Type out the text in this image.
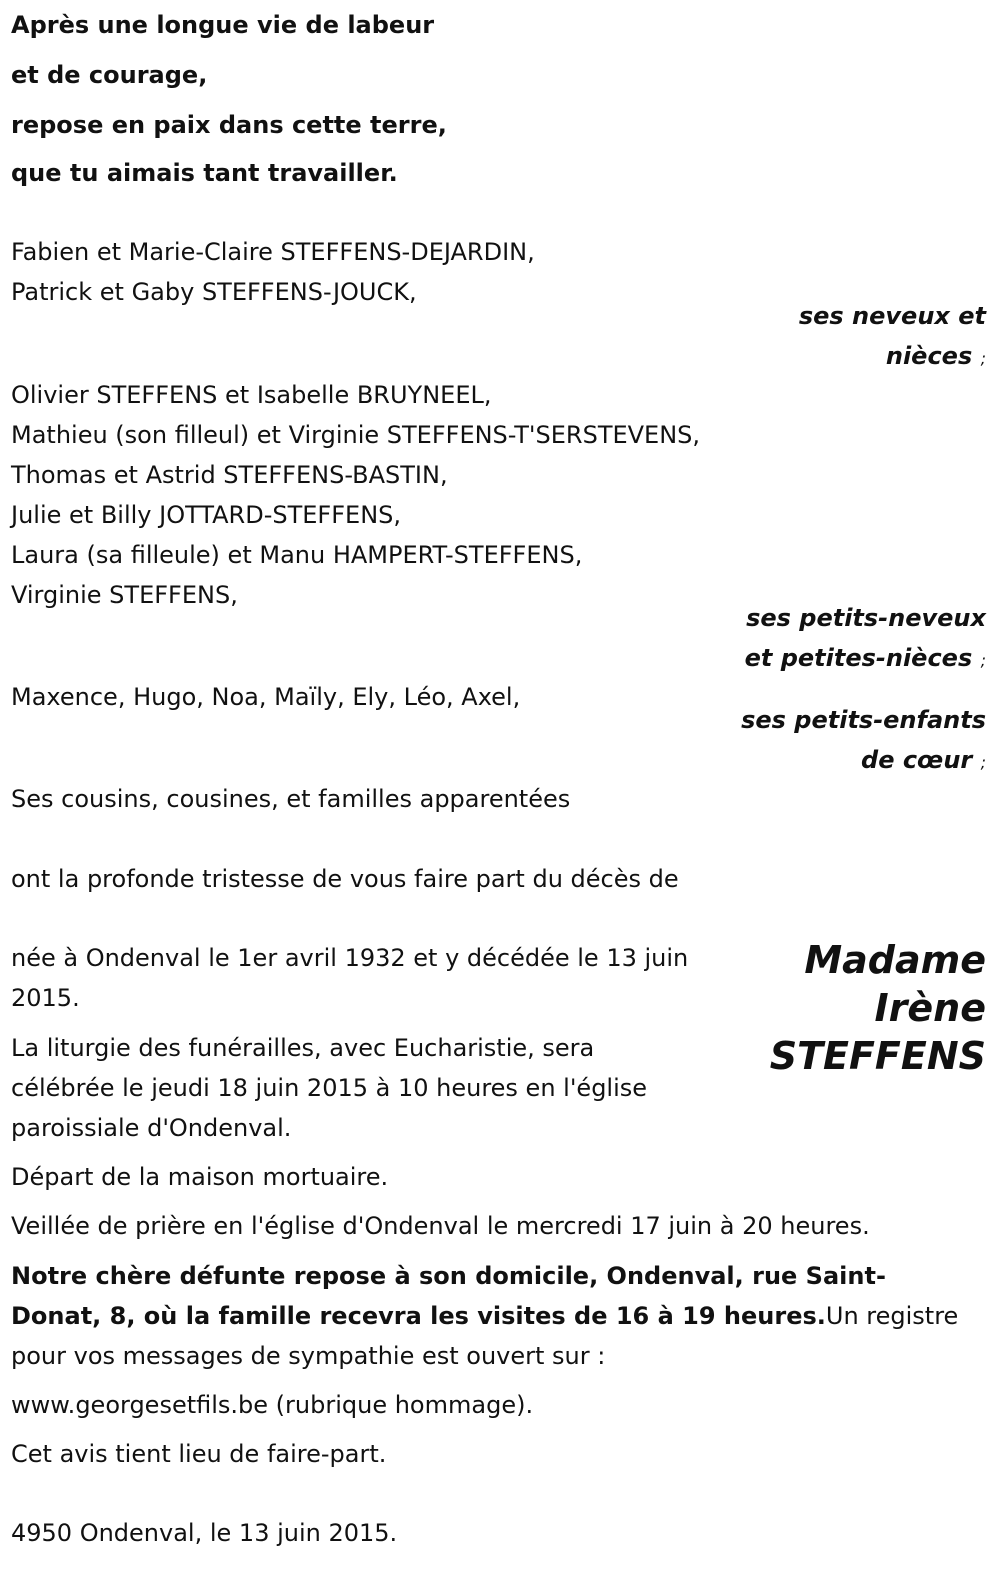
Après une longue vie de labeur

et de courage,

repose en paix dans cette terre,

que tu aimais tant travailler.

Fabien et Marie-Claire STEFFENS-DEJARDIN,

Patrick et Gaby STEFFENS-JOUCK,

ses neveux et

nièces ;

Olivier STEFFENS et Isabelle BRUYNEEL,

Mathieu (son filleul) et Virginie STEFFENS-T'SERSTEVENS,

Thomas et Astrid STEFFENS-BASTIN,

Julie et Billy JOTTARD-STEFFENS,

Laura (sa filleule) et Manu HAMPERT-STEFFENS,

Virginie STEFFENS,

ses petits-neveux

et petites-nièces ;

Maxence, Hugo, Noa, Maïly, Ely, Léo, Axel,

ses petits-enfants

de cœur ;

Ses cousins, cousines, et familles apparentées

ont la profonde tristesse de vous faire part du décès de

Madame
Irène
STEFFENS

née à Ondenval le 1er avril 1932 et y décédée le 13 juin

2015.

La liturgie des funérailles, avec Eucharistie, sera

célébrée le jeudi 18 juin 2015 à 10 heures en l'église

paroissiale d'Ondenval.

Départ de la maison mortuaire.

Veillée de prière en l'église d'Ondenval le mercredi 17 juin à 20 heures.

Notre chère défunte repose à son domicile, Ondenval, rue Saint-

Donat, 8, où la famille recevra les visites de 16 à 19 heures.Un registre

pour vos messages de sympathie est ouvert sur :

www.georgesetfils.be (rubrique hommage).

Cet avis tient lieu de faire-part.

4950 Ondenval, le 13 juin 2015.
